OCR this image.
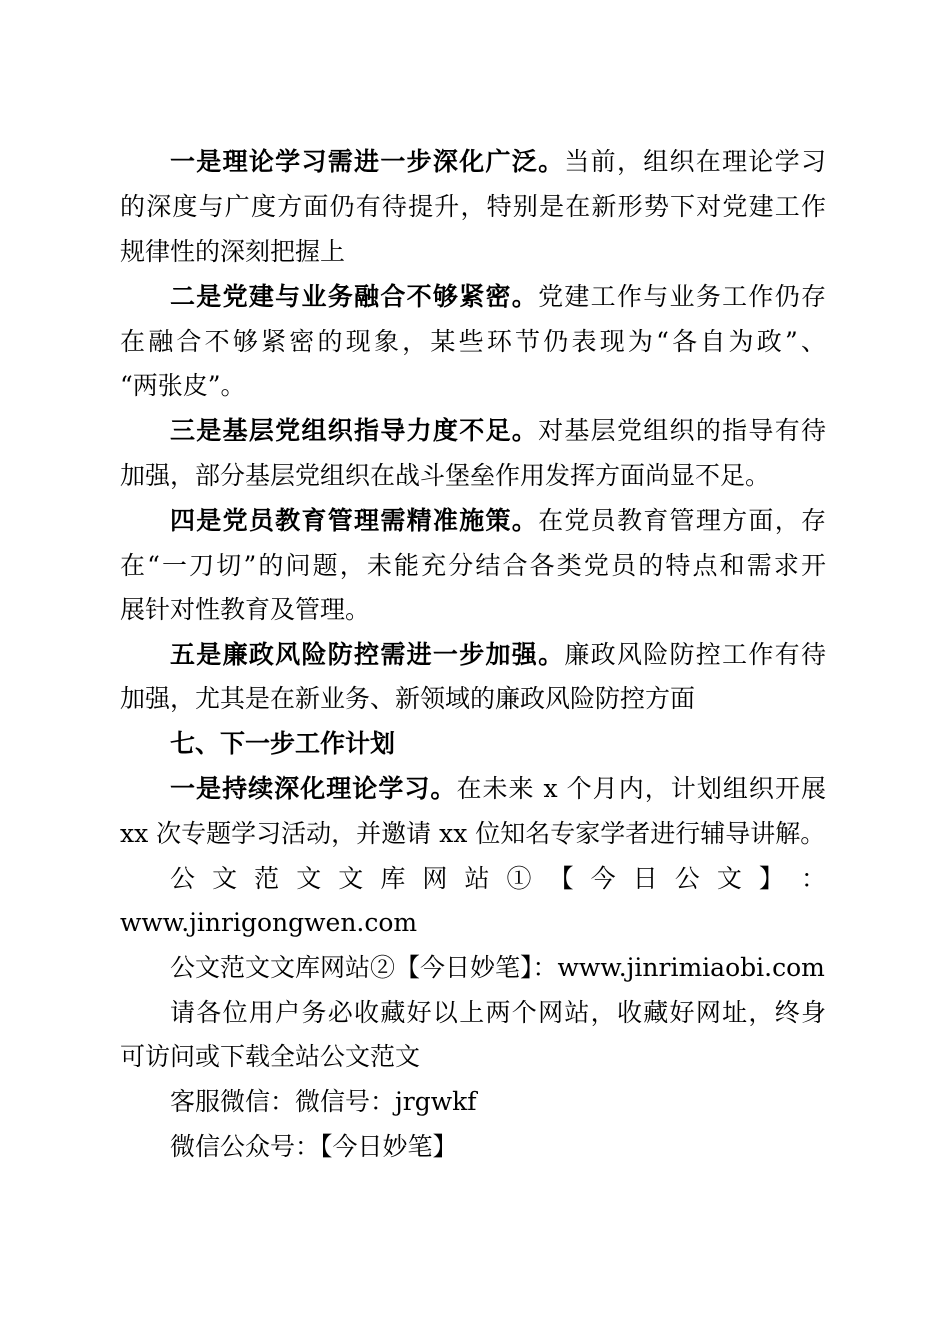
一是理论学习需进一步深化广泛。当前，组织在理论学习
的深度与广度方面仍有待提升，特别是在新形势下对党建工作
规律性的深刻把握上
二是党建与业务融合不够紧密。党建工作与业务工作仍存
在融合不够紧密的现象，某些环节仍表现为“各自为政”、
“两张皮”。
三是基层党组织指导力度不足。对基层党组织的指导有待
加强，部分基层党组织在战斗堡垒作用发挥方面尚显不足。
四是党员教育管理需精准施策。在党员教育管理方面，存
在“一刀切”的问题，未能充分结合各类党员的特点和需求开
展针对性教育及管理。
五是廉政风险防控需进一步加强。廉政风险防控工作有待
加强，尤其是在新业务、新领域的廉政风险防控方面
七、下一步工作计划
一是持续深化理论学习。在未来 x 个月内，计划组织开展
xx 次专题学习活动，并邀请 xx 位知名专家学者进行辅导讲解。
公 文 范 文 文 库 网 站 ① 【 今 日 公 文 】 ：
www.jinrigongwen.com
公文范文文库网站②【今日妙笔】：www.jinrimiaobi.com
请各位用户务必收藏好以上两个网站，收藏好网址，终身
可访问或下载全站公文范文
客服微信：微信号：jrgwkf
微信公众号：【今日妙笔】
